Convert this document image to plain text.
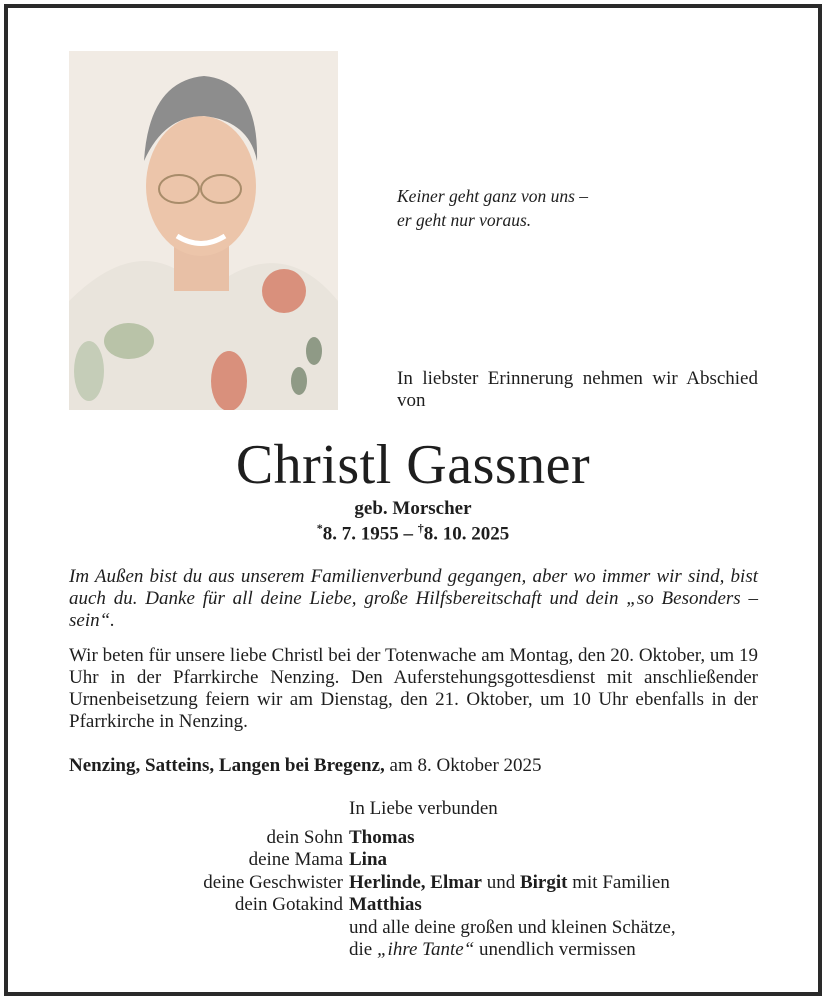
Keiner geht ganz von uns –
er geht nur voraus.
In liebster Erinnerung nehmen wir Abschied von
Christl Gassner
geb. Morscher
*8. 7. 1955 – †8. 10. 2025
Im Außen bist du aus unserem Familienverbund gegangen, aber wo immer wir sind, bist auch du. Danke für all deine Liebe, große Hilfsbereitschaft und dein „so Besonders – sein“.
Wir beten für unsere liebe Christl bei der Totenwache am Montag, den 20. Oktober, um 19 Uhr in der Pfarrkirche Nenzing. Den Auferstehungsgottesdienst mit anschließender Urnenbeisetzung feiern wir am Dienstag, den 21. Oktober, um 10 Uhr ebenfalls in der Pfarrkirche in Nenzing.
Nenzing, Satteins, Langen bei Bregenz, am 8. Oktober 2025
In Liebe verbunden
dein Sohn Thomas
deine Mama Lina
deine Geschwister Herlinde, Elmar und Birgit mit Familien
dein Gotakind Matthias
und alle deine großen und kleinen Schätze,
die „ihre Tante“ unendlich vermissen
